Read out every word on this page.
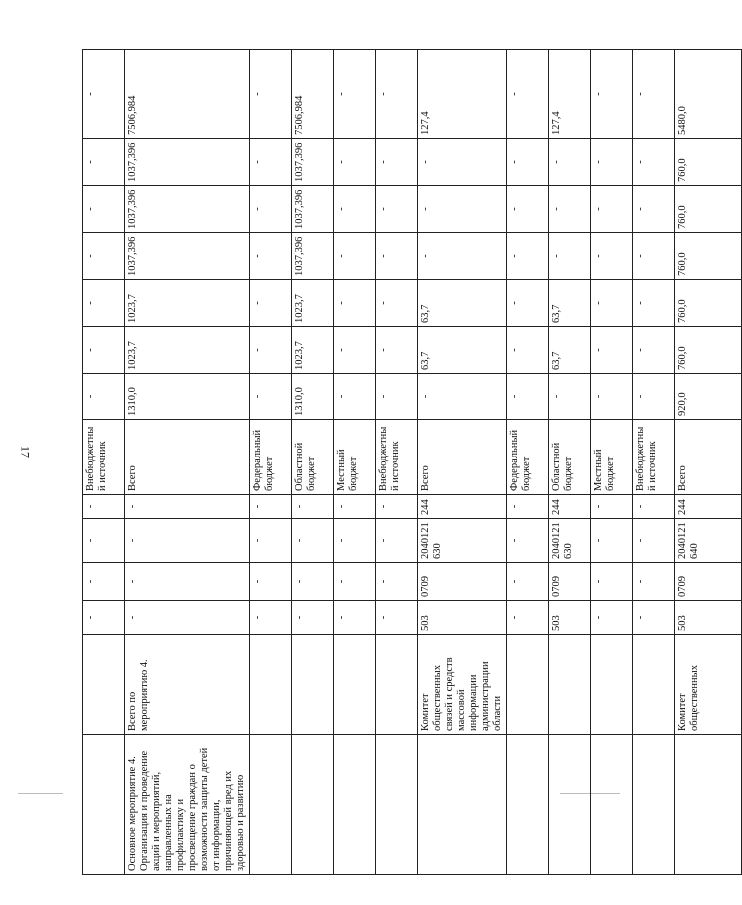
17
		-	-	-	-	Внебюджетный источник	-	-	-	-	-	-	-
Основное мероприятие 4. Организация и проведение акций и мероприятий, направленных на профилактику и просвещение граждан о возможности защиты детей от информации, причиняющей вред их здоровью и развитию	Всего по мероприятию 4.	-	-	-	-	Всего	1310,0	1023,7	1023,7	1037,396	1037,396	1037,396	7506,984
		-	-	-	-	Федеральный бюджет	-	-	-	-	-	-	-
		-	-	-	-	Областной бюджет	1310,0	1023,7	1023,7	1037,396	1037,396	1037,396	7506,984
		-	-	-	-	Местный бюджет	-	-	-	-	-	-	-
		-	-	-	-	Внебюджетный источник	-	-	-	-	-	-	-
	Комитет общественных связей и средств массовой информации администрации области	503	0709	2040121630	244	Всего	-	63,7	63,7	-	-	-	127,4
		-	-	-	-	Федеральный бюджет	-	-	-	-	-	-	-
		503	0709	2040121630	244	Областной бюджет	-	63,7	63,7	-	-	-	127,4
		-	-	-	-	Местный бюджет	-	-	-	-	-	-	-
		-	-	-	-	Внебюджетный источник	-	-	-	-	-	-	-
	Комитет общественных	503	0709	2040121640	244	Всего	920,0	760,0	760,0	760,0	760,0	760,0	5480,0
